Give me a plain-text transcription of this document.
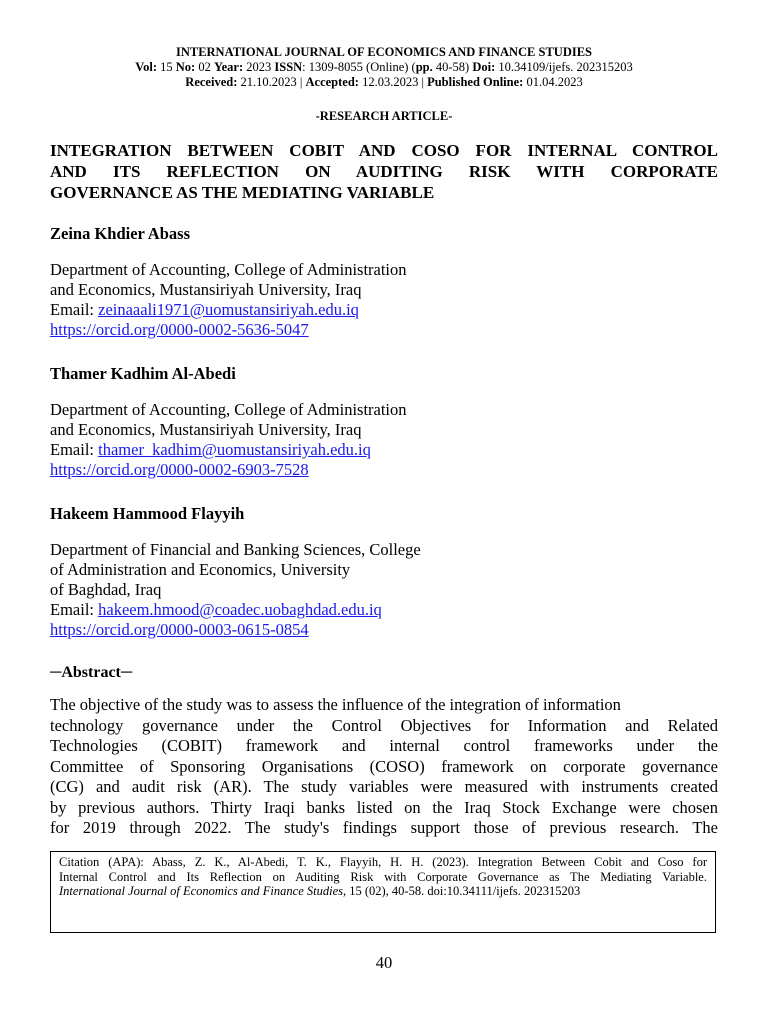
INTERNATIONAL JOURNAL OF ECONOMICS AND FINANCE STUDIES
Vol: 15 No: 02 Year: 2023 ISSN: 1309-8055 (Online) (pp. 40-58) Doi: 10.34109/ijefs. 202315203
Received: 21.10.2023 | Accepted: 12.03.2023 | Published Online: 01.04.2023
-RESEARCH ARTICLE-
INTEGRATION BETWEEN COBIT AND COSO FOR INTERNAL CONTROL
AND ITS REFLECTION ON AUDITING RISK WITH CORPORATE
GOVERNANCE AS THE MEDIATING VARIABLE
Zeina Khdier Abass
Department of Accounting, College of Administration
and Economics, Mustansiriyah University, Iraq
Email: zeinaaali1971@uomustansiriyah.edu.iq
https://orcid.org/0000-0002-5636-5047
Thamer Kadhim Al-Abedi
Department of Accounting, College of Administration
and Economics, Mustansiriyah University, Iraq
Email: thamer_kadhim@uomustansiriyah.edu.iq
https://orcid.org/0000-0002-6903-7528
Hakeem Hammood Flayyih
Department of Financial and Banking Sciences, College
of Administration and Economics, University
of Baghdad, Iraq
Email: hakeem.hmood@coadec.uobaghdad.edu.iq
https://orcid.org/0000-0003-0615-0854
─Abstract─
The objective of the study was to assess the influence of the integration of information
technology governance under the Control Objectives for Information and Related
Technologies (COBIT) framework and internal control frameworks under the
Committee of Sponsoring Organisations (COSO) framework on corporate governance
(CG) and audit risk (AR). The study variables were measured with instruments created
by previous authors. Thirty Iraqi banks listed on the Iraq Stock Exchange were chosen
for 2019 through 2022. The study's findings support those of previous research. The
Citation (APA): Abass, Z. K., Al-Abedi, T. K., Flayyih, H. H. (2023). Integration Between Cobit and Coso for
Internal Control and Its Reflection on Auditing Risk with Corporate Governance as The Mediating Variable.
International Journal of Economics and Finance Studies, 15 (02), 40-58. doi:10.34111/ijefs. 202315203
40
